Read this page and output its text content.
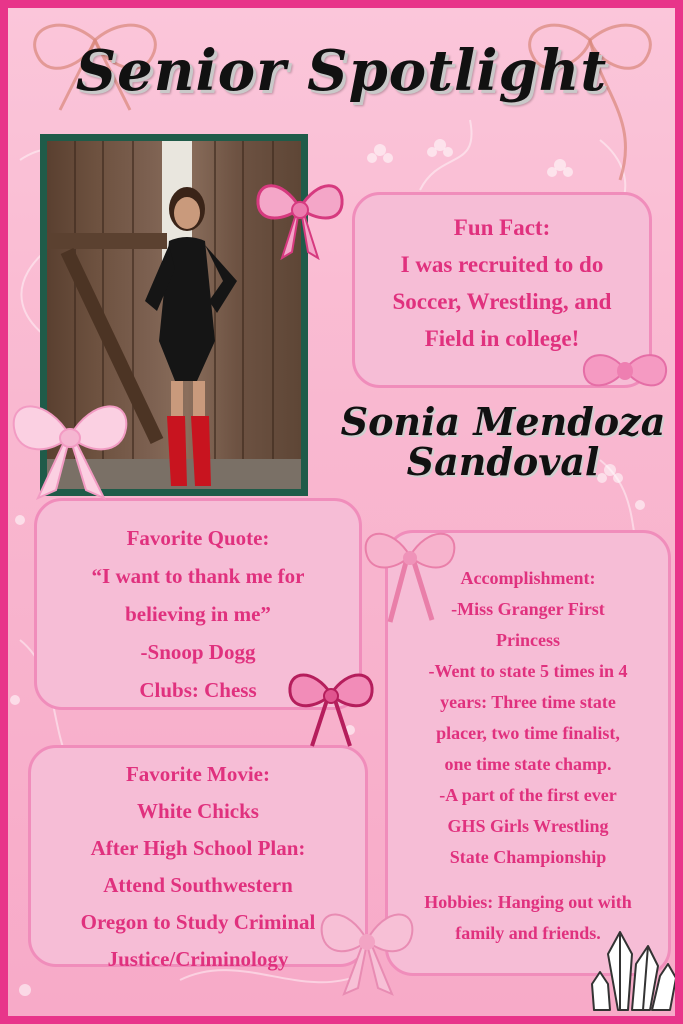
Senior Spotlight

Fun Fact:

I was recruited to do

Soccer, Wrestling, and

Field in college!

Sonia Mendoza
Sandoval

Favorite Quote:

“I want to thank me for

believing in me”

-Snoop Dogg

Clubs: Chess

Favorite Movie:

White Chicks

After High School Plan:

Attend Southwestern

Oregon to Study Criminal

Justice/Criminology

Accomplishment:

-Miss Granger First

Princess

-Went to state 5 times in 4

years: Three time state

placer, two time finalist,

one time state champ.

-A part of the first ever

GHS Girls Wrestling

State Championship

Hobbies: Hanging out with

family and friends.
